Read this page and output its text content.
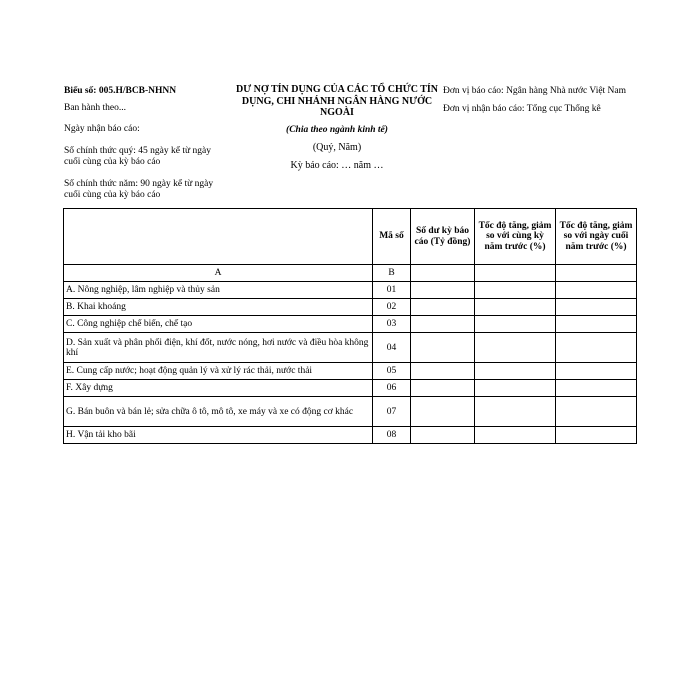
Biểu số: 005.H/BCB-NHNN
Ban hành theo...
Ngày nhận báo cáo:
Số chính thức quý: 45 ngày kể từ ngày cuối cùng của kỳ báo cáo
Số chính thức năm: 90 ngày kể từ ngày cuối cùng của kỳ báo cáo
DƯ NỢ TÍN DỤNG CỦA CÁC TỔ CHỨC TÍN DỤNG, CHI NHÁNH NGÂN HÀNG NƯỚC NGOÀI
(Chia theo ngành kinh tế)
(Quý, Năm)
Kỳ báo cáo: … năm …
Đơn vị báo cáo: Ngân hàng Nhà nước Việt Nam
Đơn vị nhận báo cáo: Tổng cục Thống kê
	Mã số	Số dư kỳ báo cáo (Tỷ đồng)	Tốc độ tăng, giảm so với cùng kỳ năm trước (%)	Tốc độ tăng, giảm so với ngày cuối năm trước (%)
A	B			
A. Nông nghiệp, lâm nghiệp và thủy sản	01			
B. Khai khoáng	02			
C. Công nghiệp chế biến, chế tạo	03			
D. Sản xuất và phân phối điện, khí đốt, nước nóng, hơi nước và điều hòa không khí	04			
E. Cung cấp nước; hoạt động quản lý và xử lý rác thải, nước thải	05			
F. Xây dựng	06			
G. Bán buôn và bán lẻ; sửa chữa ô tô, mô tô, xe máy và xe có động cơ khác	07			
H. Vận tải kho bãi	08			
